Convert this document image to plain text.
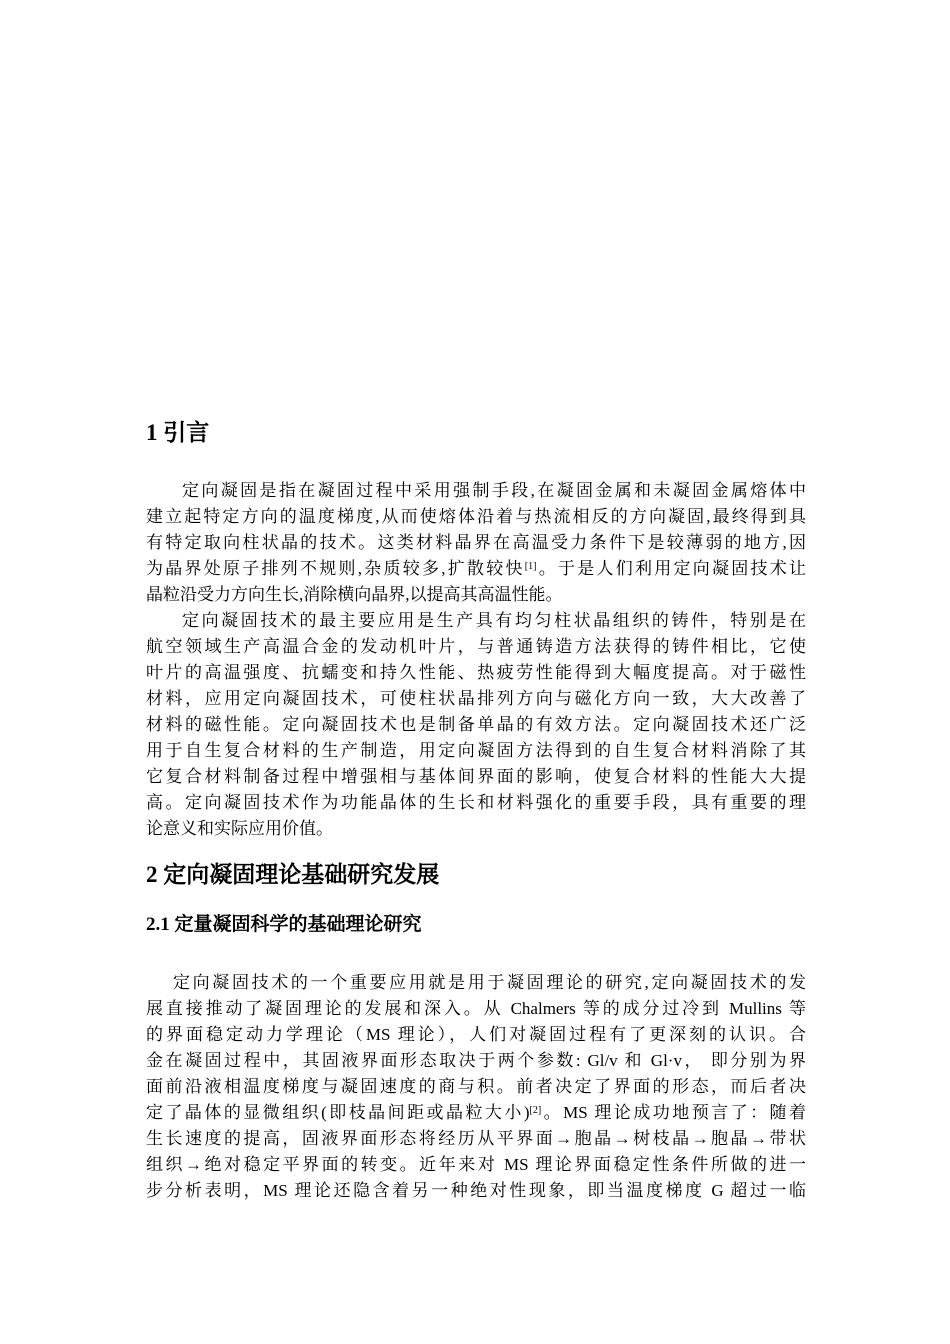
1 引言
定向凝固是指在凝固过程中采用强制手段,在凝固金属和未凝固金属熔体中
建立起特定方向的温度梯度,从而使熔体沿着与热流相反的方向凝固,最终得到具
有特定取向柱状晶的技术。这类材料晶界在高温受力条件下是较薄弱的地方,因
为晶界处原子排列不规则,杂质较多,扩散较快[1]。于是人们利用定向凝固技术让
晶粒沿受力方向生长,消除横向晶界,以提高其高温性能。
定向凝固技术的最主要应用是生产具有均匀柱状晶组织的铸件，特别是在
航空领域生产高温合金的发动机叶片，与普通铸造方法获得的铸件相比，它使
叶片的高温强度、抗蠕变和持久性能、热疲劳性能得到大幅度提高。对于磁性
材料，应用定向凝固技术，可使柱状晶排列方向与磁化方向一致，大大改善了
材料的磁性能。定向凝固技术也是制备单晶的有效方法。定向凝固技术还广泛
用于自生复合材料的生产制造，用定向凝固方法得到的自生复合材料消除了其
它复合材料制备过程中增强相与基体间界面的影响，使复合材料的性能大大提
高。定向凝固技术作为功能晶体的生长和材料强化的重要手段，具有重要的理
论意义和实际应用价值。
2 定向凝固理论基础研究发展
2.1 定量凝固科学的基础理论研究
定向凝固技术的一个重要应用就是用于凝固理论的研究,定向凝固技术的发
展直接推动了凝固理论的发展和深入。从 Chalmers 等的成分过冷到 Mullins 等
的界面稳定动力学理论（MS 理论），人们对凝固过程有了更深刻的认识。合
金在凝固过程中，其固液界面形态取决于两个参数: Gl/v 和 Gl·v， 即分别为界
面前沿液相温度梯度与凝固速度的商与积。前者决定了界面的形态，而后者决
定了晶体的显微组织(即枝晶间距或晶粒大小)[2]。MS 理论成功地预言了：随着
生长速度的提高，固液界面形态将经历从平界面→胞晶→树枝晶→胞晶→带状
组织→绝对稳定平界面的转变。近年来对 MS 理论界面稳定性条件所做的进一
步分析表明，MS 理论还隐含着另一种绝对性现象，即当温度梯度 G 超过一临
